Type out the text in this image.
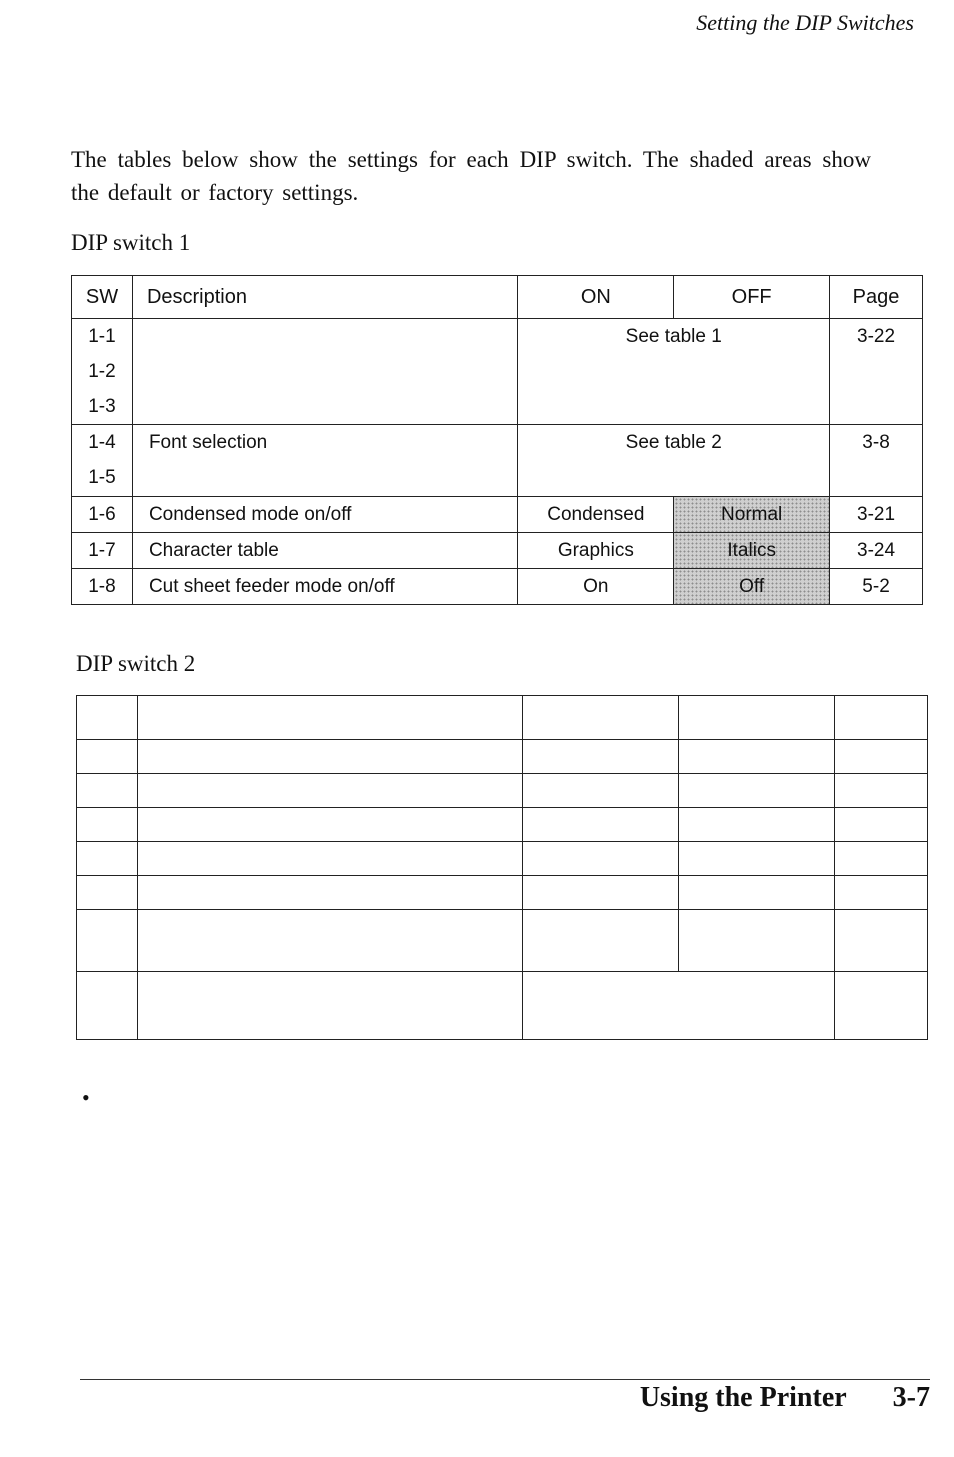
Setting the DIP Switches

The tables below show the settings for each DIP switch. The shaded areas show the default or factory settings.

DIP switch 1
SW	Description	ON	OFF	Page

1-1
1-2
1-3		See table 1		3-22

1-4
1-5	Font selection	See table 2		3-8
1-6	Condensed mode on/off	Condensed	Normal	3-21
1-7	Character table	Graphics	Italics	3-24
1-8	Cut sheet feeder mode on/off	On	Off	5-2
DIP switch 2

•
Using the Printer 3-7
